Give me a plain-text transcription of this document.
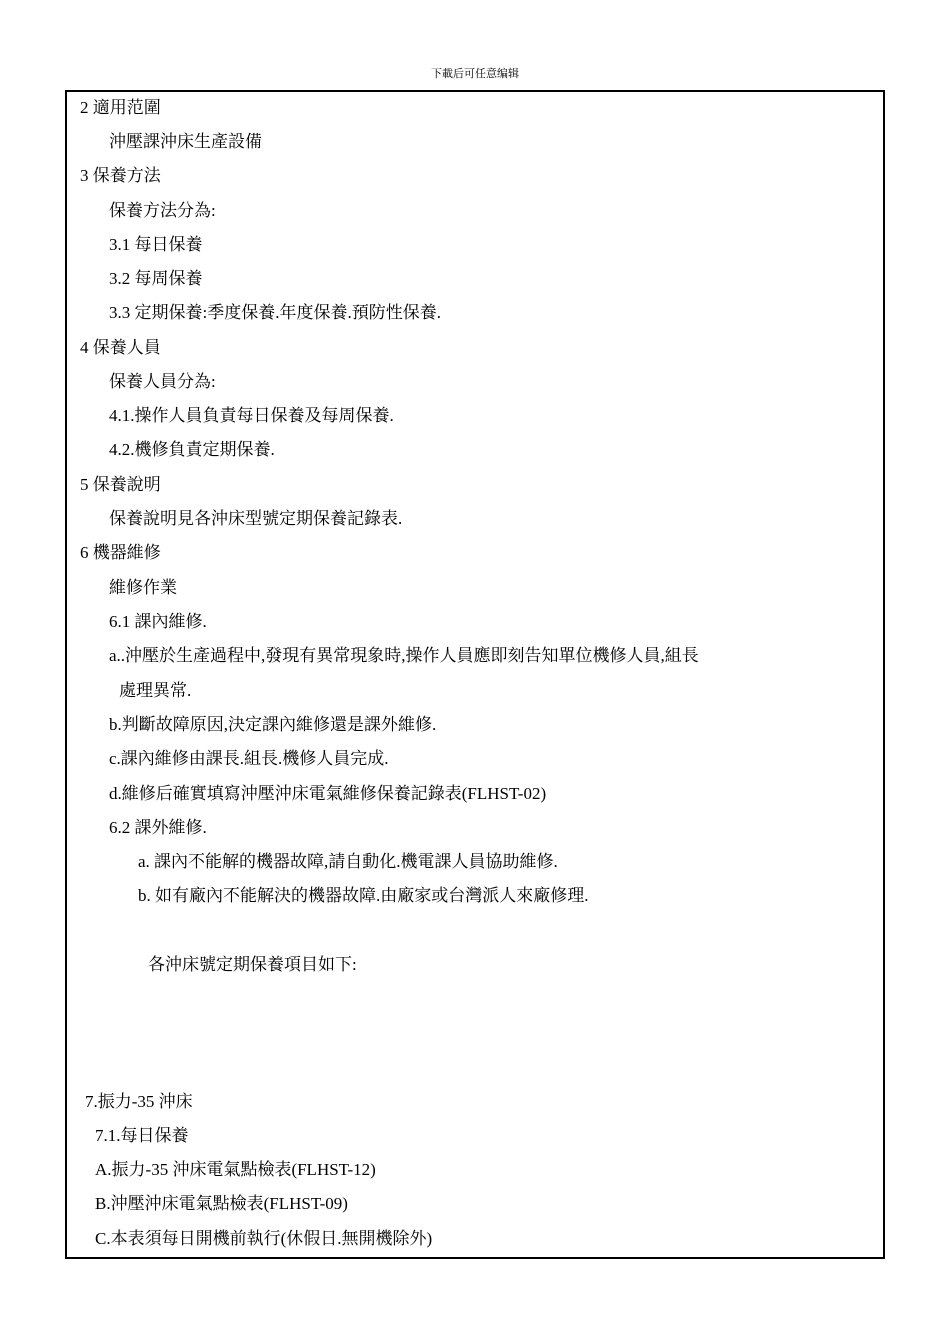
下載后可任意编辑
2 適用范圍
沖壓課沖床生產設備
3 保養方法
保養方法分為:
3.1 每日保養
3.2 每周保養
3.3 定期保養:季度保養.年度保養.預防性保養.
4 保養人員
保養人員分為:
4.1.操作人員負責每日保養及每周保養.
4.2.機修負責定期保養.
5 保養說明
保養說明見各沖床型號定期保養記錄表.
6 機器維修
維修作業
6.1 課內維修.
a..沖壓於生產過程中,發現有異常現象時,操作人員應即刻告知單位機修人員,組長
處理異常.
b.判斷故障原因,決定課內維修還是課外維修.
c.課內維修由課長.組長.機修人員完成.
d.維修后確實填寫沖壓沖床電氣維修保養記錄表(FLHST-02)
6.2 課外維修.
a. 課內不能解的機器故障,請自動化.機電課人員協助維修.
b. 如有廠內不能解決的機器故障.由廠家或台灣派人來廠修理.
各沖床號定期保養項目如下:
7.振力-35 沖床
7.1.每日保養
A.振力-35 沖床電氣點檢表(FLHST-12)
B.沖壓沖床電氣點檢表(FLHST-09)
C.本表須每日開機前執行(休假日.無開機除外)
